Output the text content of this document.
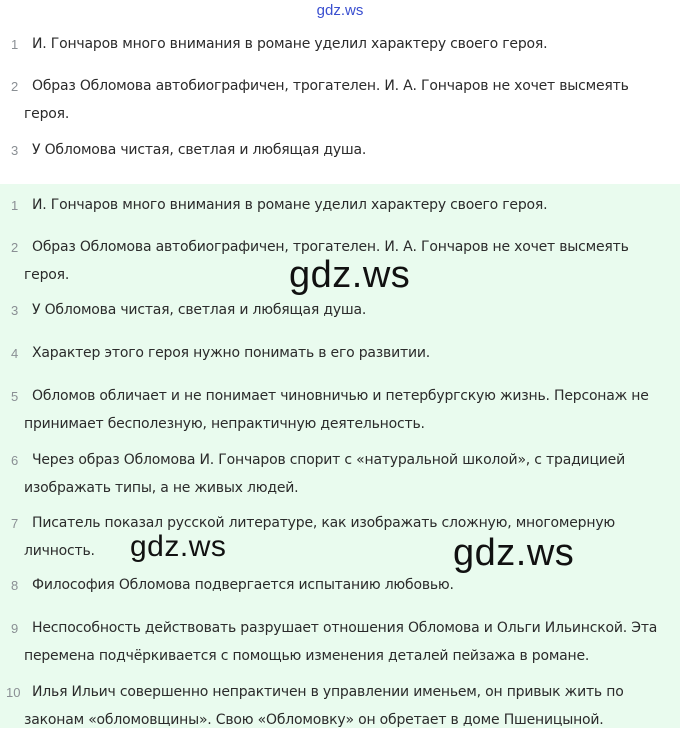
gdz.ws
1 И. Гончаров много внимания в романе уделил характеру своего героя.
2 Образ Обломова автобиографичен, трогателен. И. А. Гончаров не хочет высмеять
героя.
3 У Обломова чистая, светлая и любящая душа.
1 И. Гончаров много внимания в романе уделил характеру своего героя.
2 Образ Обломова автобиографичен, трогателен. И. А. Гончаров не хочет высмеять
героя.
3 У Обломова чистая, светлая и любящая душа.
4 Характер этого героя нужно понимать в его развитии.
5 Обломов обличает и не понимает чиновничью и петербургскую жизнь. Персонаж не
принимает бесполезную, непрактичную деятельность.
6 Через образ Обломова И. Гончаров спорит с «натуральной школой», с традицией
изображать типы, а не живых людей.
7 Писатель показал русской литературе, как изображать сложную, многомерную
личность.
8 Философия Обломова подвергается испытанию любовью.
9 Неспособность действовать разрушает отношения Обломова и Ольги Ильинской. Эта
перемена подчёркивается с помощью изменения деталей пейзажа в романе.
10 Илья Ильич совершенно непрактичен в управлении именьем, он привык жить по
законам «обломовщины». Свою «Обломовку» он обретает в доме Пшеницыной.
gdz.ws
gdz.ws	gdz.ws
